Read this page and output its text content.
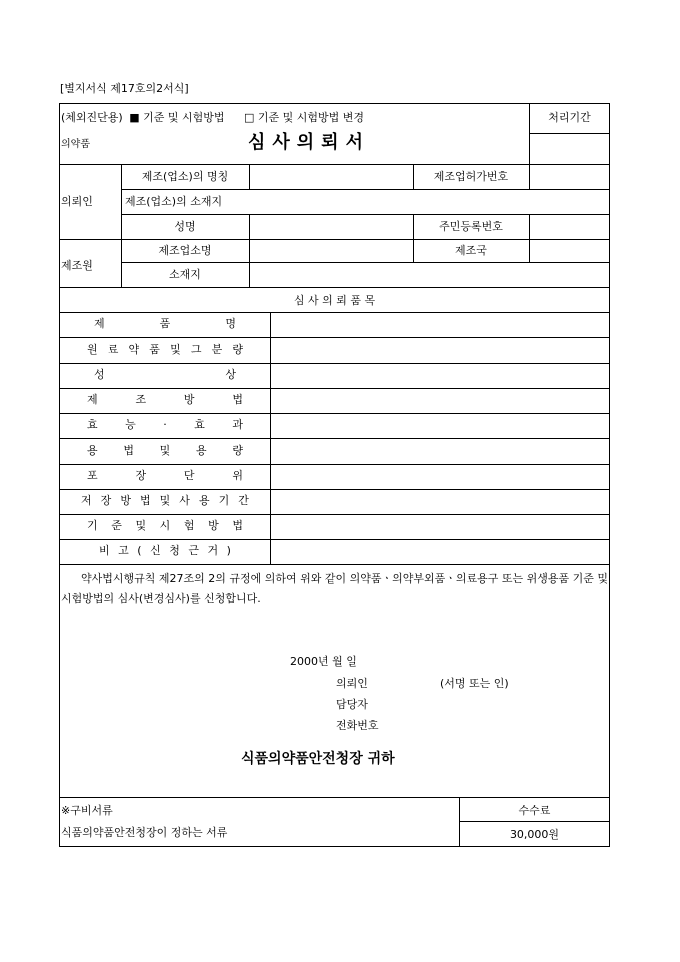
[별지서식 제17호의2서식]
(체외진단용) ■ 기준 및 시험방법 □ 기준 및 시험방법 변경
의약품	심사의뢰서
처리기간
의뢰인
제조(업소)의 명칭	제조업허가번호
제조(업소)의 소재지
성명	주민등록번호
제조원
제조업소명	제조국
소재지
심 사 의 뢰 품 목
제	품	명
원 료 약 품 및 그 분 량
성	상
제	조	방	법
효 능 · 효 과
용 법 및 용 량
포	장	단	위
저 장 방 법 및 사 용 기 간
기 준 및 시 험 방 법
비 고 ( 신 청 근 거 )
약사법시행규칙 제27조의 2의 규정에 의하여 위와 같이 의약품ㆍ의약부외품ㆍ의료용구 또는 위생용품 기준 및 시험방법의 심사(변경심사)를 신청합니다.
2000년 월 일
의뢰인	(서명 또는 인)
담당자
전화번호
식품의약품안전청장 귀하
※구비서류
식품의약품안전청장이 정하는 서류
수수료
30,000원
